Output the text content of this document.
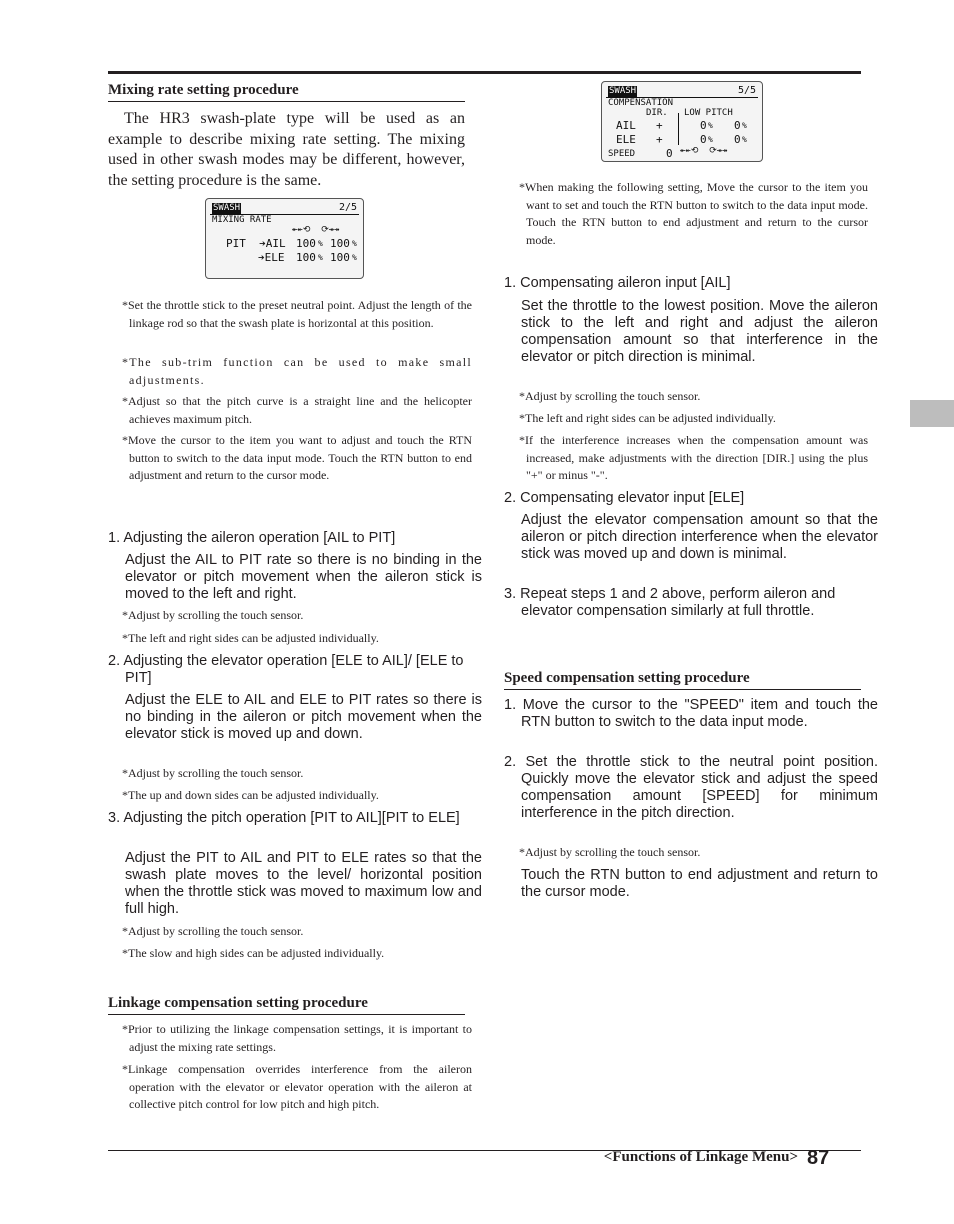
Mixing rate setting procedure
The HR3 swash-plate type will be used as an example to describe mixing rate setting. The mixing used in other swash modes may be different, however, the setting procedure is the same.
SWASH	2/5
MIXING RATE
↞↞⟲  ⟳↠↠
PIT  ➔AIL 100 % 100 %
➔ELE 100 % 100 %
*Set the throttle stick to the preset neutral point. Adjust the length of the linkage rod so that the swash plate is horizontal at this position.
*The sub-trim function can be used to make small adjustments.
*Adjust so that the pitch curve is a straight line and the helicopter achieves maximum pitch.
*Move the cursor to the item you want to adjust and touch the RTN button to switch to the data input mode. Touch the RTN button to end adjustment and return to the cursor mode.
1. Adjusting the aileron operation [AIL to PIT]
Adjust the AIL to PIT rate so there is no binding in the elevator or pitch movement when the aileron stick is moved to the left and right.
*Adjust by scrolling the touch sensor.
*The left and right sides can be adjusted individually.
2. Adjusting the elevator operation [ELE to AIL]/ [ELE to PIT]
Adjust the ELE to AIL and ELE to PIT rates so there is no binding in the aileron or pitch movement when the elevator stick is moved up and down.
*Adjust by scrolling the touch sensor.
*The up and down sides can be adjusted individually.
3. Adjusting the pitch operation [PIT to AIL][PIT to ELE]
Adjust the PIT to AIL and PIT to ELE rates so that the swash plate moves to the level/ horizontal position when the throttle stick was moved to maximum low and full high.
*Adjust by scrolling the touch sensor.
*The slow and high sides can be adjusted individually.
Linkage compensation setting procedure
*Prior to utilizing the linkage compensation settings, it is important to adjust the mixing rate settings.
*Linkage compensation overrides interference from the aileron operation with the elevator or elevator operation with the aileron at collective pitch control for low pitch and high pitch.
SWASH	5/5
COMPENSATION
DIR. LOW PITCH
AIL +	0 % 0 %
ELE +	0 % 0 %
SPEED	0 ↞↞⟲  ⟳↠↠
*When making the following setting, Move the cursor to the item you want to set and touch the RTN button to switch to the data input mode. Touch the RTN button to end adjustment and return to the cursor mode.
1. Compensating aileron input [AIL]
Set the throttle to the lowest position. Move the aileron stick to the left and right and adjust the aileron compensation amount so that interference in the elevator or pitch direction is minimal.
*Adjust by scrolling the touch sensor.
*The left and right sides can be adjusted individually.
*If the interference increases when the compensation amount was increased, make adjustments with the direction [DIR.] using the plus "+" or minus "-".
2. Compensating elevator input [ELE]
Adjust the elevator compensation amount so that the aileron or pitch direction interference when the elevator stick was moved up and down is minimal.
3. Repeat steps 1 and 2 above, perform aileron and elevator compensation similarly at full throttle.
Speed compensation setting procedure
1. Move the cursor to the "SPEED" item and touch the RTN button to switch to the data input mode.
2. Set the throttle stick to the neutral point position. Quickly move the elevator stick and adjust the speed compensation amount [SPEED] for minimum interference in the pitch direction.
*Adjust by scrolling the touch sensor.
Touch the RTN button to end adjustment and return to the cursor mode.
<Functions of Linkage Menu> 87
